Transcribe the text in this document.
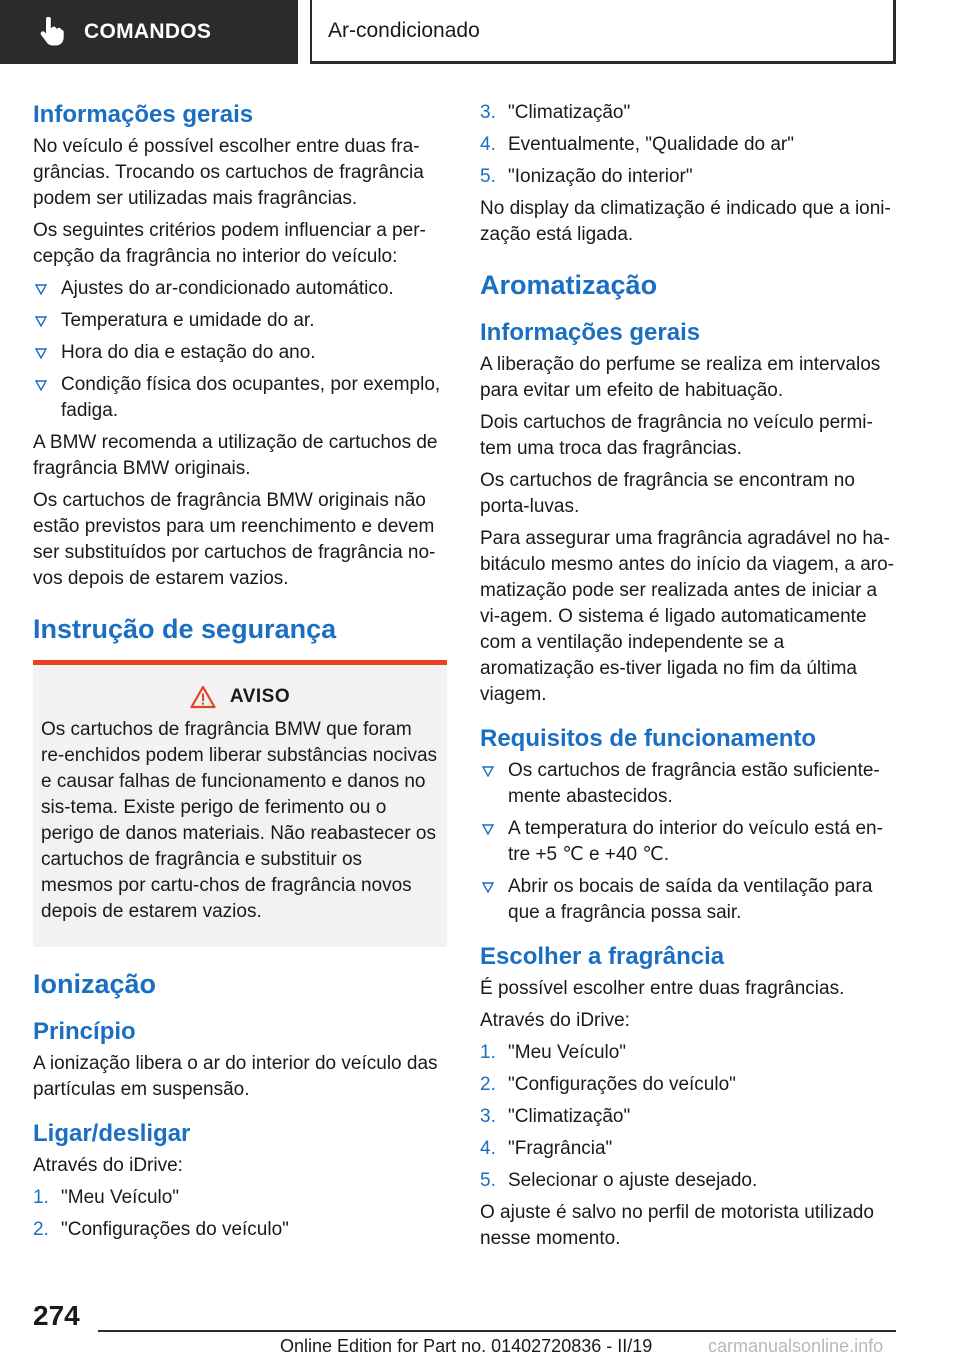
COMANDOS	Ar-condicionado
Informações gerais

No veículo é possível escolher entre duas fra-grâncias. Trocando os cartuchos de fragrância podem ser utilizadas mais fragrâncias.

Os seguintes critérios podem influenciar a per-cepção da fragrância no interior do veículo:

Ajustes do ar-condicionado automático.
Temperatura e umidade do ar.
Hora do dia e estação do ano.
Condição física dos ocupantes, por exemplo, fadiga.

A BMW recomenda a utilização de cartuchos de fragrância BMW originais.

Os cartuchos de fragrância BMW originais não estão previstos para um reenchimento e devem ser substituídos por cartuchos de fragrância no-vos depois de estarem vazios.

Instrução de segurança
AVISO

Os cartuchos de fragrância BMW que foram re-enchidos podem liberar substâncias nocivas e causar falhas de funcionamento e danos no sis-tema. Existe perigo de ferimento ou o perigo de danos materiais. Não reabastecer os cartuchos de fragrância e substituir os mesmos por cartu-chos de fragrância novos depois de estarem vazios.

Ionização
Princípio

A ionização libera o ar do interior do veículo das partículas em suspensão.

Ligar/desligar

Através do iDrive:

1. "Meu Veículo"
2. "Configurações do veículo"
3. "Climatização"
4. Eventualmente, "Qualidade do ar"
5. "Ionização do interior"

No display da climatização é indicado que a ioni-zação está ligada.

Aromatização
Informações gerais

A liberação do perfume se realiza em intervalos para evitar um efeito de habituação.

Dois cartuchos de fragrância no veículo permi-tem uma troca das fragrâncias.

Os cartuchos de fragrância se encontram no porta-luvas.

Para assegurar uma fragrância agradável no ha-bitáculo mesmo antes do início da viagem, a aro-matização pode ser realizada antes de iniciar a vi-agem. O sistema é ligado automaticamente com a ventilação independente se a aromatização es-tiver ligada no fim da última viagem.

Requisitos de funcionamento
Os cartuchos de fragrância estão suficiente-mente abastecidos.
A temperatura do interior do veículo está en-tre +5 ℃ e +40 ℃.
Abrir os bocais de saída da ventilação para que a fragrância possa sair.
Escolher a fragrância

É possível escolher entre duas fragrâncias.

Através do iDrive:

1. "Meu Veículo"
2. "Configurações do veículo"
3. "Climatização"
4. "Fragrância"
5. Selecionar o ajuste desejado.

O ajuste é salvo no perfil de motorista utilizado nesse momento.

274
Online Edition for Part no. 01402720836 - II/19	carmanualsonline.info
